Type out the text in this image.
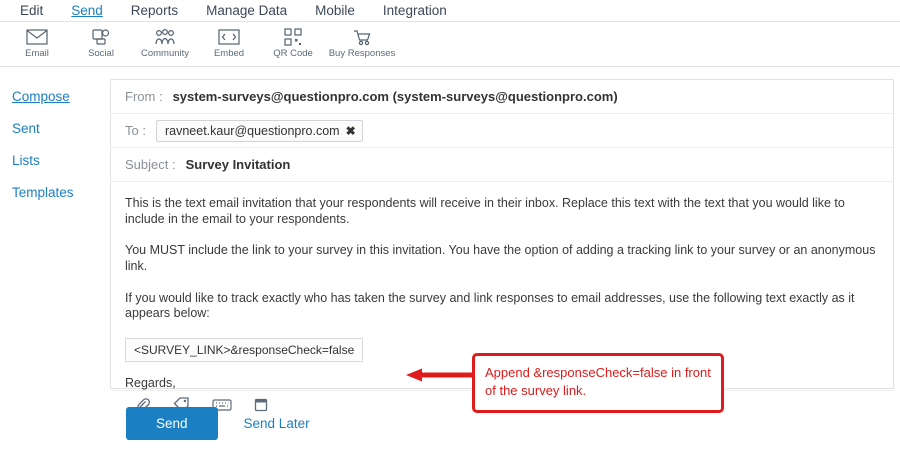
Edit	Send	Reports	Manage Data	Mobile	Integration
Email	Social	Community	Embed	QR Code Buy Responses
Compose
Sent
Lists
Templates
From : system-surveys@questionpro.com (system-surveys@questionpro.com)
To : ravneet.kaur@questionpro.com ✖
Subject : Survey Invitation

This is the text email invitation that your respondents will receive in their inbox. Replace this text with the text that you would like to include in the email to your respondents.

You MUST include the link to your survey in this invitation. You have the option of adding a tracking link to your survey or an anonymous link.

If you would like to track exactly who has taken the survey and link responses to email addresses, use the following text exactly as it appears below:

<SURVEY_LINK>&responseCheck=false
Regards,
Send	Send Later
Append &responseCheck=false in front of the survey link.
